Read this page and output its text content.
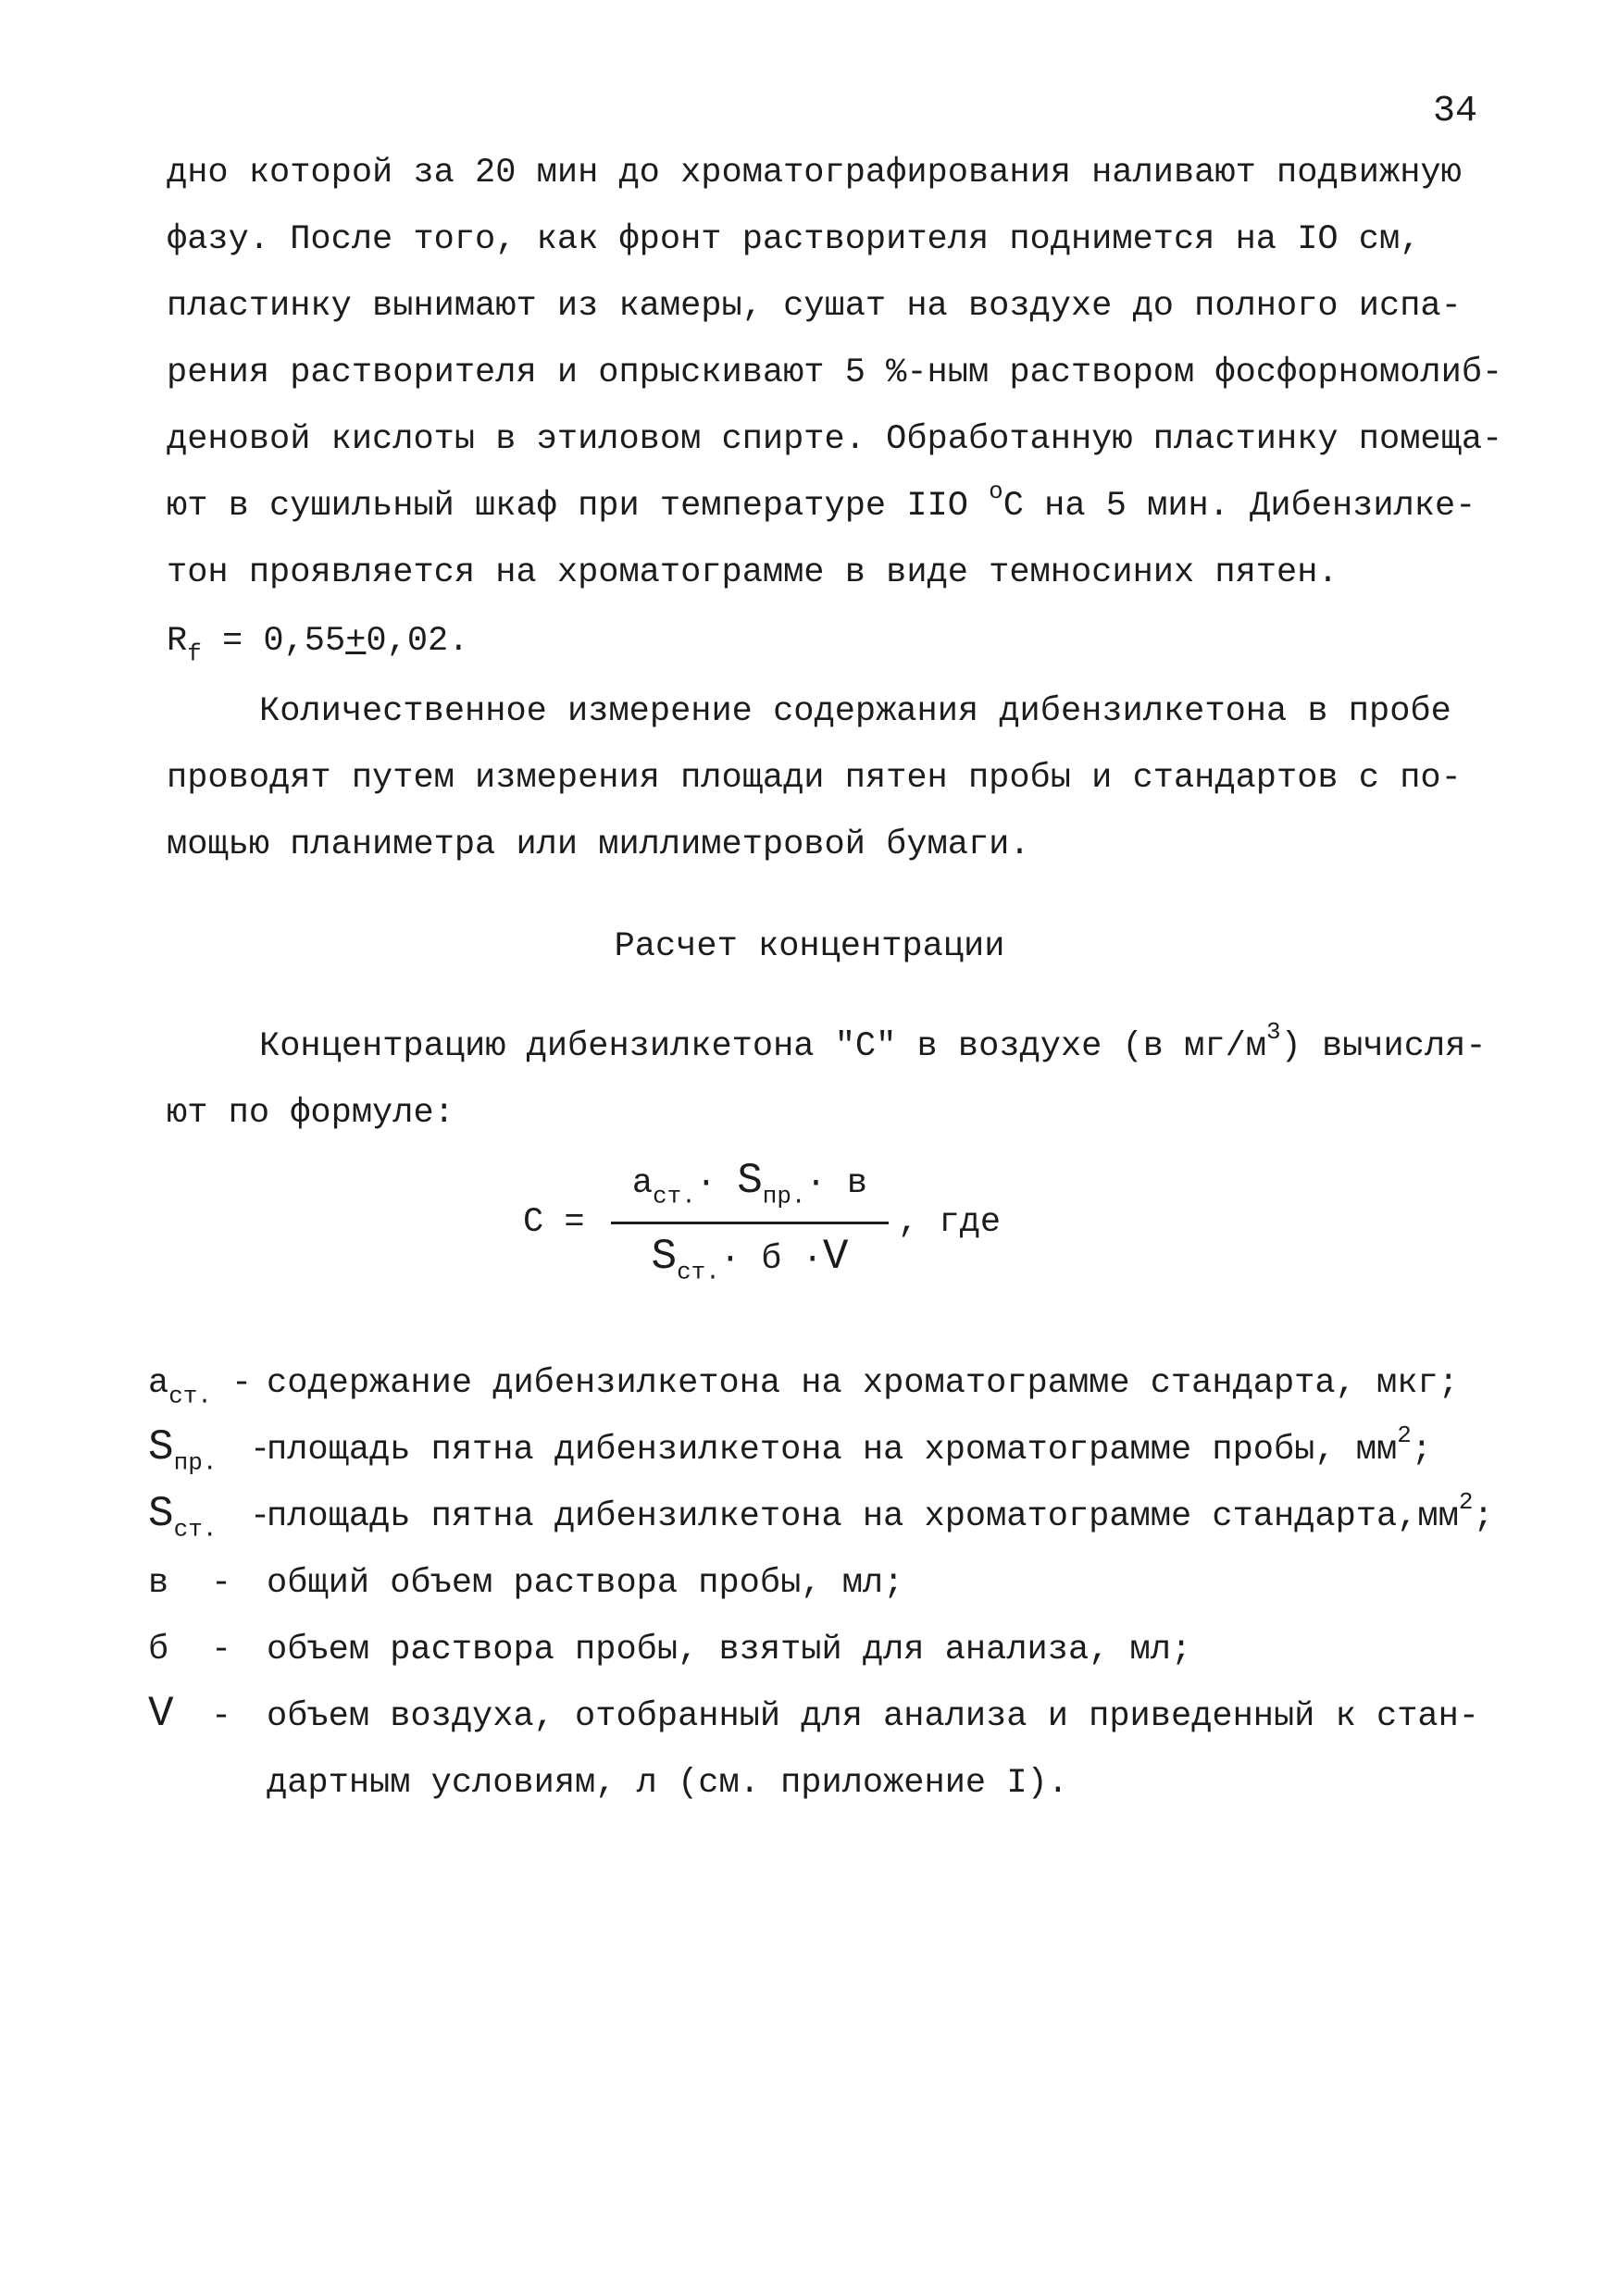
34
дно которой за 20 мин до хроматографирования наливают подвижную
фазу. После того, как фронт растворителя поднимется на IO см,
пластинку вынимают из камеры, сушат на воздухе до полного испа-
рения растворителя и опрыскивают 5 %-ным раствором фосфорномолиб-
деновой кислоты в этиловом спирте. Обработанную пластинку помеща-
ют в сушильный шкаф при температуре IIO $^o$C на 5 мин. Дибензилке-
тон проявляется на хроматограмме в виде темносиних пятен.
$R_f = 0,55+0,02$.
Количественное измерение содержания дибензилкетона в пробе
проводят путем измерения площади пятен пробы и стандартов с по-
мощью планиметра или миллиметровой бумаги.
Расчет концентрации
Концентрацию дибензилкетона "С" в воздухе (в $мг/м^3$) вычисля-
ют по формуле:
C =
$a_{ст.}\cdot S_{пр.}\cdot в$
$S_{ст.}\cdot б \cdot V$
, где
$a_{ст.}$ - содержание дибензилкетона на хроматограмме стандарта, мкг;
$S_{пр.}$ -
площадь пятна дибензилкетона на хроматограмме пробы, $мм^2$;
$S_{ст.}$ -
площадь пятна дибензилкетона на хроматограмме $стандарта,мм^2$;
в - общий объем раствора пробы, мл;
б - объем раствора пробы, взятый для анализа, мл;
V - объем воздуха, отобранный для анализа и приведенный к стан-
дартным условиям, л (см. приложение I).
